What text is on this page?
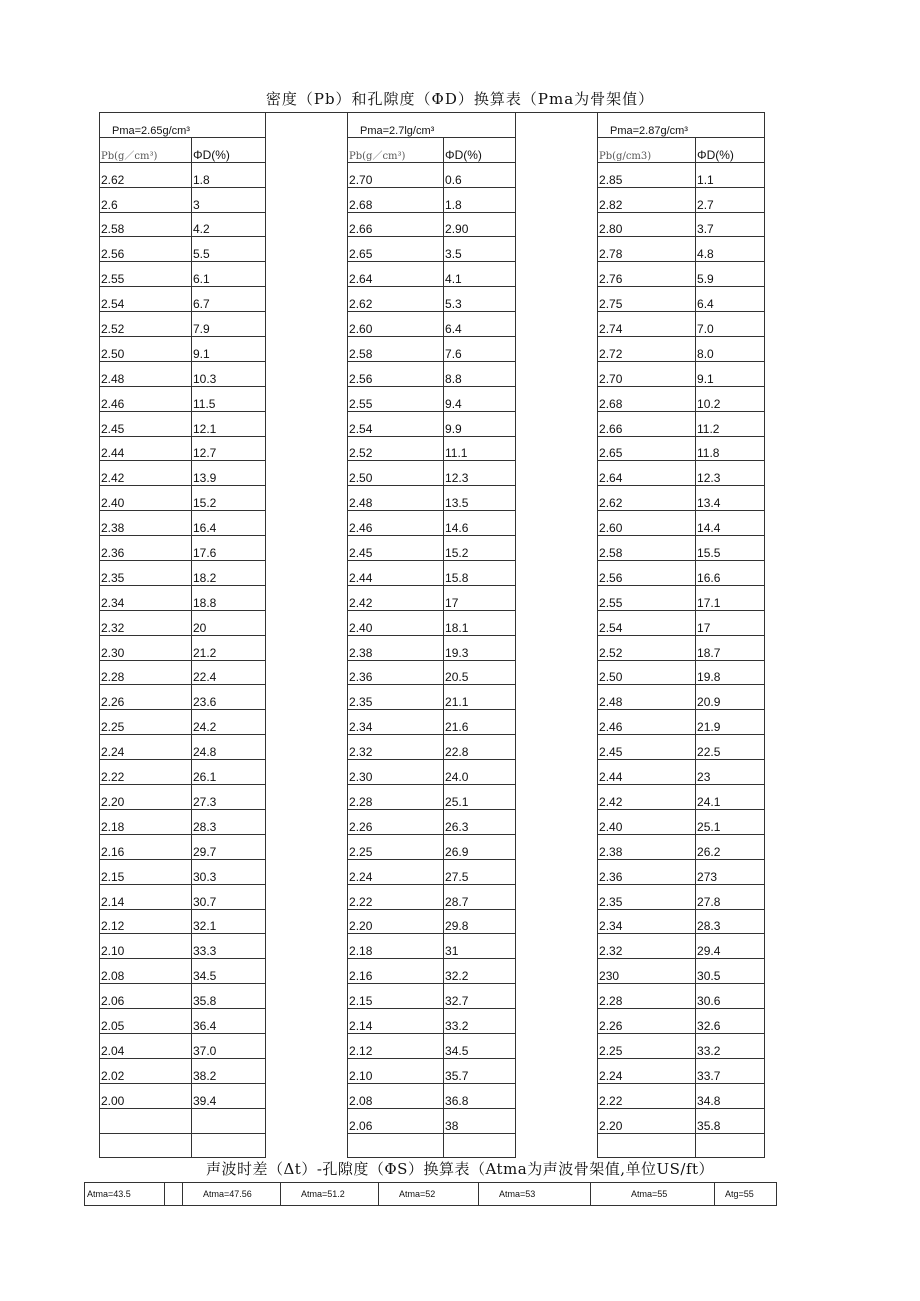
密度（Pb）和孔隙度（ΦD）换算表（Pma为骨架值）
Pma=2.65g/cm³			Pma=2.7lg/cm³			Pma=2.87g/cm³	
Pb(g／cm³)	ΦD(%)		Pb(g／cm³)	ΦD(%)		Pb(g/cm3)	ΦD(%)
2.62	1.8		2.70	0.6		2.85	1.1
2.6	3		2.68	1.8		2.82	2.7
2.58	4.2		2.66	2.90		2.80	3.7
2.56	5.5		2.65	3.5		2.78	4.8
2.55	6.1		2.64	4.1		2.76	5.9
2.54	6.7		2.62	5.3		2.75	6.4
2.52	7.9		2.60	6.4		2.74	7.0
2.50	9.1		2.58	7.6		2.72	8.0
2.48	10.3		2.56	8.8		2.70	9.1
2.46	11.5		2.55	9.4		2.68	10.2
2.45	12.1		2.54	9.9		2.66	11.2
2.44	12.7		2.52	11.1		2.65	11.8
2.42	13.9		2.50	12.3		2.64	12.3
2.40	15.2		2.48	13.5		2.62	13.4
2.38	16.4		2.46	14.6		2.60	14.4
2.36	17.6		2.45	15.2		2.58	15.5
2.35	18.2		2.44	15.8		2.56	16.6
2.34	18.8		2.42	17		2.55	17.1
2.32	20		2.40	18.1		2.54	17
2.30	21.2		2.38	19.3		2.52	18.7
2.28	22.4		2.36	20.5		2.50	19.8
2.26	23.6		2.35	21.1		2.48	20.9
2.25	24.2		2.34	21.6		2.46	21.9
2.24	24.8		2.32	22.8		2.45	22.5
2.22	26.1		2.30	24.0		2.44	23
2.20	27.3		2.28	25.1		2.42	24.1
2.18	28.3		2.26	26.3		2.40	25.1
2.16	29.7		2.25	26.9		2.38	26.2
2.15	30.3		2.24	27.5		2.36	273
2.14	30.7		2.22	28.7		2.35	27.8
2.12	32.1		2.20	29.8		2.34	28.3
2.10	33.3		2.18	31		2.32	29.4
2.08	34.5		2.16	32.2		230	30.5
2.06	35.8		2.15	32.7		2.28	30.6
2.05	36.4		2.14	33.2		2.26	32.6
2.04	37.0		2.12	34.5		2.25	33.2
2.02	38.2		2.10	35.7		2.24	33.7
2.00	39.4		2.08	36.8		2.22	34.8
			2.06	38		2.20	35.8

声波时差（Δt）-孔隙度（ΦS）换算表（Atma为声波骨架值,单位US/ft）
Atma=43.5		Atma=47.56	Atma=51.2	Atma=52	Atma=53	Atma=55	Atg=55
